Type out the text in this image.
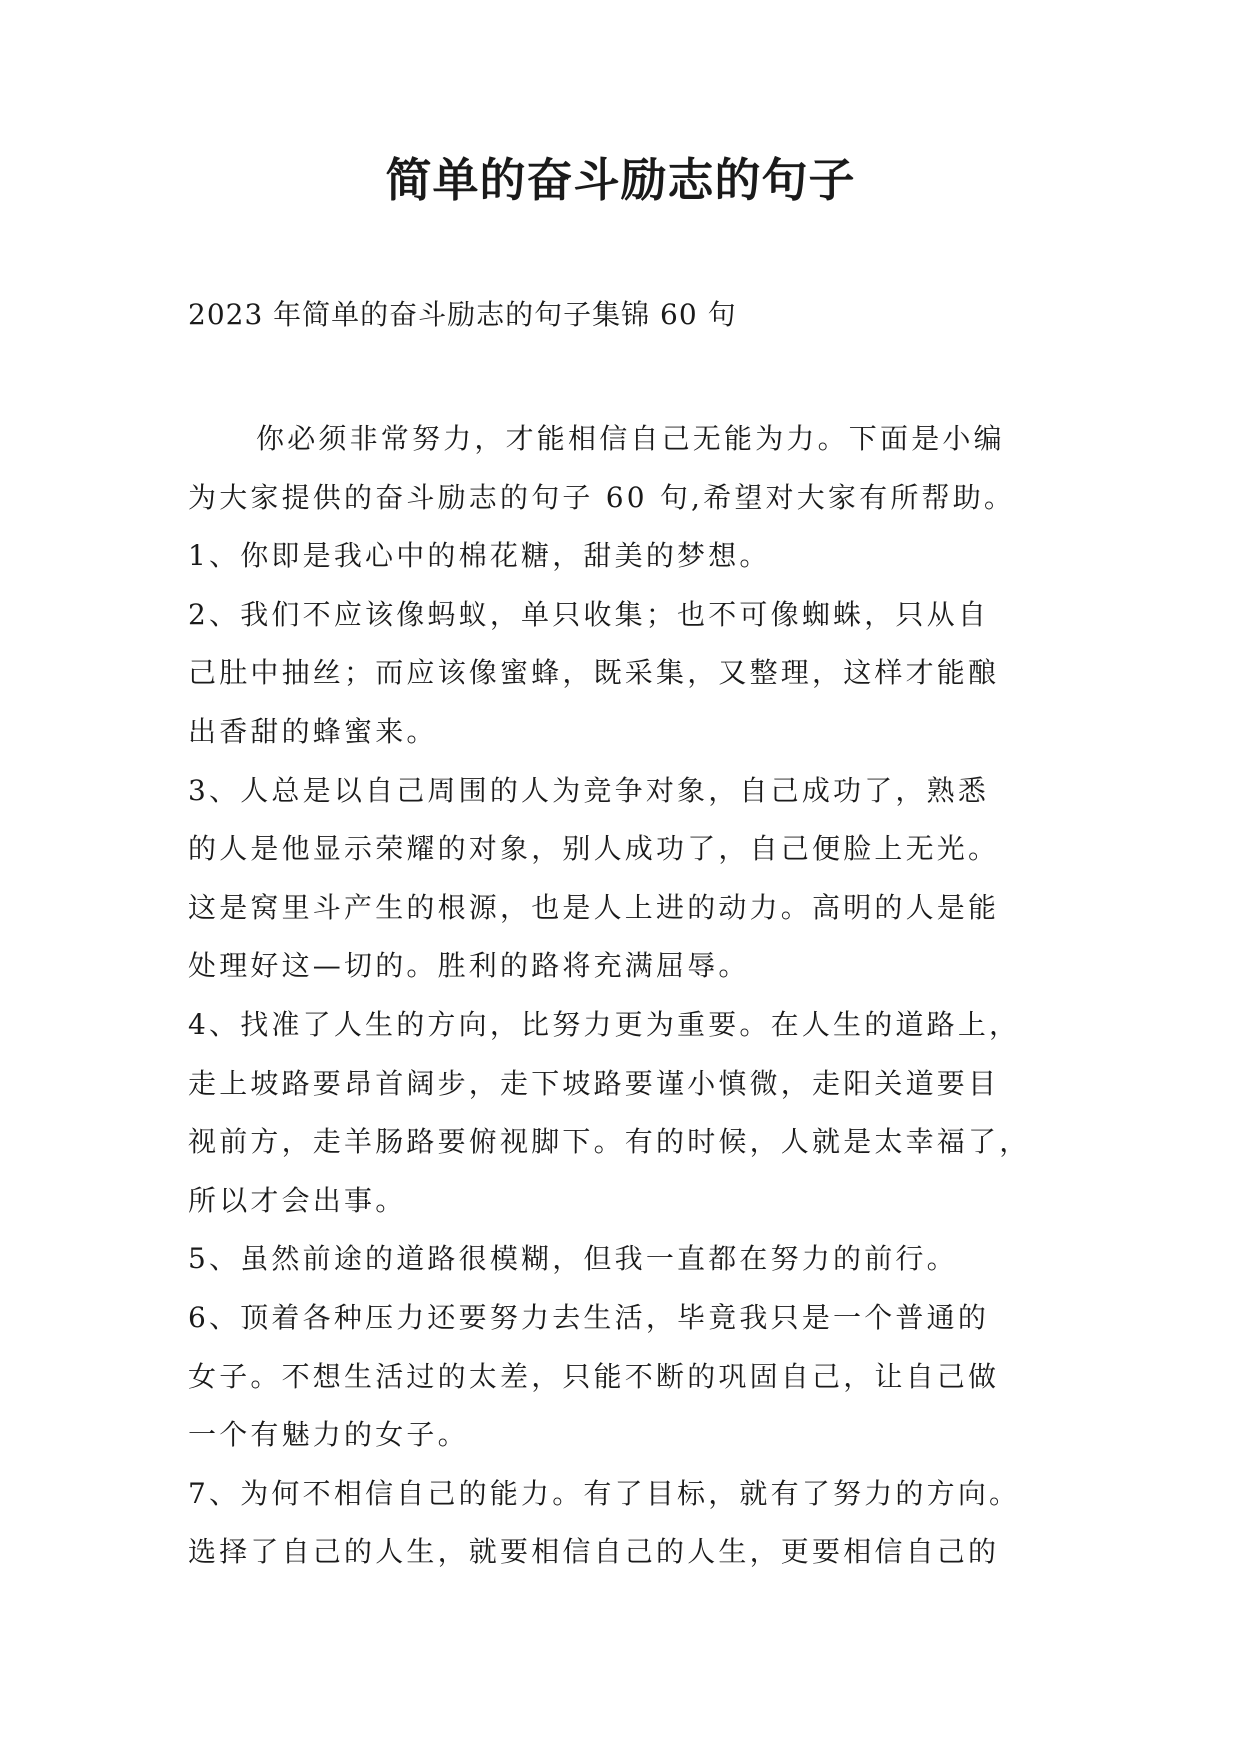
简单的奋斗励志的句子
2023 年简单的奋斗励志的句子集锦 60 句
你必须非常努力，才能相信自己无能为力。下面是小编
为大家提供的奋斗励志的句子 60 句,希望对大家有所帮助。
1、你即是我心中的棉花糖，甜美的梦想。
2、我们不应该像蚂蚁，单只收集；也不可像蜘蛛，只从自
己肚中抽丝；而应该像蜜蜂，既采集，又整理，这样才能酿
出香甜的蜂蜜来。
3、人总是以自己周围的人为竞争对象，自己成功了，熟悉
的人是他显示荣耀的对象，别人成功了，自己便脸上无光。
这是窝里斗产生的根源，也是人上进的动力。高明的人是能
处理好这—切的。胜利的路将充满屈辱。
4、找准了人生的方向，比努力更为重要。在人生的道路上，
走上坡路要昂首阔步，走下坡路要谨小慎微，走阳关道要目
视前方，走羊肠路要俯视脚下。有的时候，人就是太幸福了，
所以才会出事。
5、虽然前途的道路很模糊，但我一直都在努力的前行。
6、顶着各种压力还要努力去生活，毕竟我只是一个普通的
女子。不想生活过的太差，只能不断的巩固自己，让自己做
一个有魅力的女子。
7、为何不相信自己的能力。有了目标，就有了努力的方向。
选择了自己的人生，就要相信自己的人生，更要相信自己的
